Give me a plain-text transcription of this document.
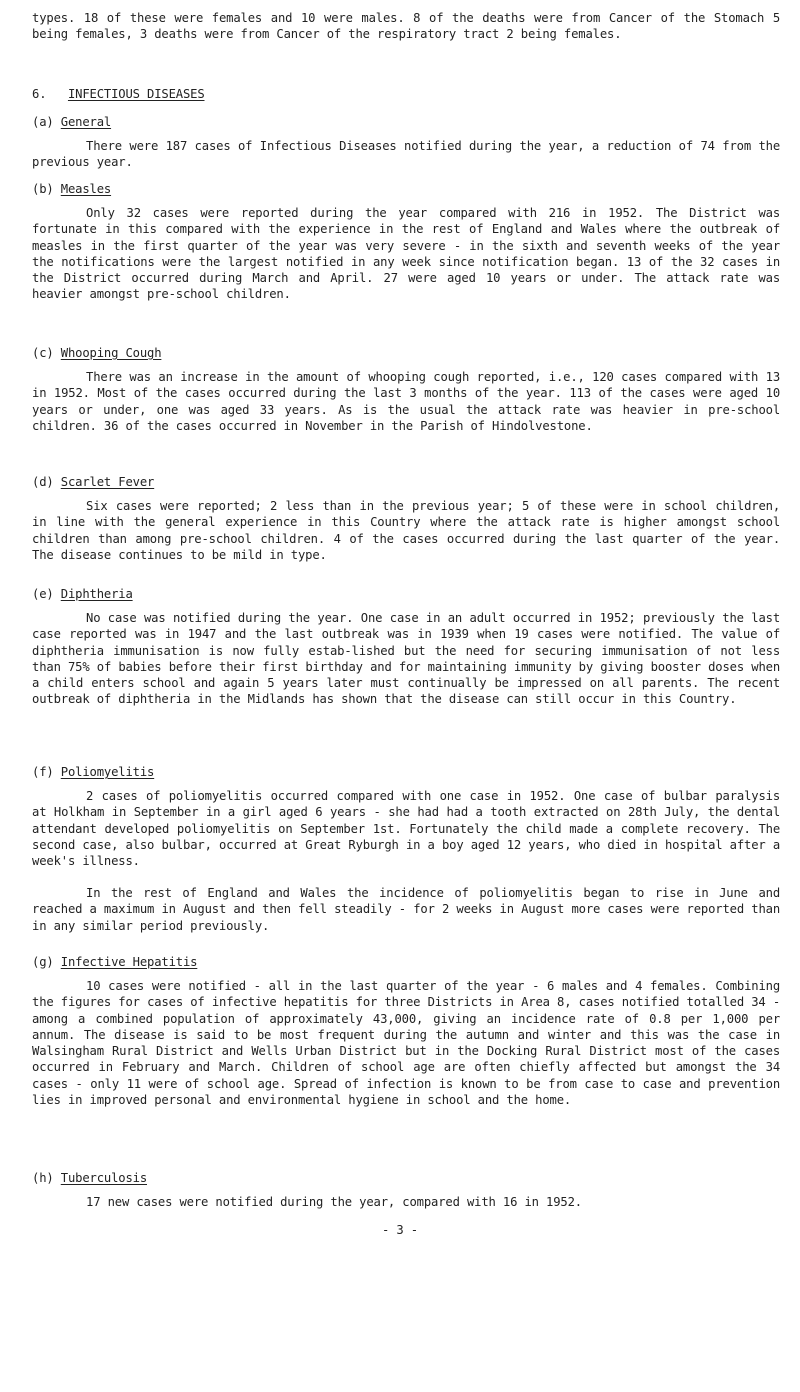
types. 18 of these were females and 10 were males. 8 of the deaths were from Cancer of the Stomach 5 being females, 3 deaths were from Cancer of the respiratory tract 2 being females.

6. INFECTIOUS DISEASES
(a) General

There were 187 cases of Infectious Diseases notified during the year, a reduction of 74 from the previous year.

(b) Measles

Only 32 cases were reported during the year compared with 216 in 1952. The District was fortunate in this compared with the experience in the rest of England and Wales where the outbreak of measles in the first quarter of the year was very severe - in the sixth and seventh weeks of the year the notifications were the largest notified in any week since notification began. 13 of the 32 cases in the District occurred during March and April. 27 were aged 10 years or under. The attack rate was heavier amongst pre-school children.

(c) Whooping Cough

There was an increase in the amount of whooping cough reported, i.e., 120 cases compared with 13 in 1952. Most of the cases occurred during the last 3 months of the year. 113 of the cases were aged 10 years or under, one was aged 33 years. As is the usual the attack rate was heavier in pre-school children. 36 of the cases occurred in November in the Parish of Hindolvestone.

(d) Scarlet Fever

Six cases were reported; 2 less than in the previous year; 5 of these were in school children, in line with the general experience in this Country where the attack rate is higher amongst school children than among pre-school children. 4 of the cases occurred during the last quarter of the year. The disease continues to be mild in type.

(e) Diphtheria

No case was notified during the year. One case in an adult occurred in 1952; previously the last case reported was in 1947 and the last outbreak was in 1939 when 19 cases were notified. The value of diphtheria immunisation is now fully estab-lished but the need for securing immunisation of not less than 75% of babies before their first birthday and for maintaining immunity by giving booster doses when a child enters school and again 5 years later must continually be impressed on all parents. The recent outbreak of diphtheria in the Midlands has shown that the disease can still occur in this Country.

(f) Poliomyelitis

2 cases of poliomyelitis occurred compared with one case in 1952. One case of bulbar paralysis at Holkham in September in a girl aged 6 years - she had had a tooth extracted on 28th July, the dental attendant developed poliomyelitis on September 1st. Fortunately the child made a complete recovery. The second case, also bulbar, occurred at Great Ryburgh in a boy aged 12 years, who died in hospital after a week's illness.

In the rest of England and Wales the incidence of poliomyelitis began to rise in June and reached a maximum in August and then fell steadily - for 2 weeks in August more cases were reported than in any similar period previously.

(g) Infective Hepatitis

10 cases were notified - all in the last quarter of the year - 6 males and 4 females. Combining the figures for cases of infective hepatitis for three Districts in Area 8, cases notified totalled 34 - among a combined population of approximately 43,000, giving an incidence rate of 0.8 per 1,000 per annum. The disease is said to be most frequent during the autumn and winter and this was the case in Walsingham Rural District and Wells Urban District but in the Docking Rural District most of the cases occurred in February and March. Children of school age are often chiefly affected but amongst the 34 cases - only 11 were of school age. Spread of infection is known to be from case to case and prevention lies in improved personal and environmental hygiene in school and the home.

(h) Tuberculosis

17 new cases were notified during the year, compared with 16 in 1952.

- 3 -
